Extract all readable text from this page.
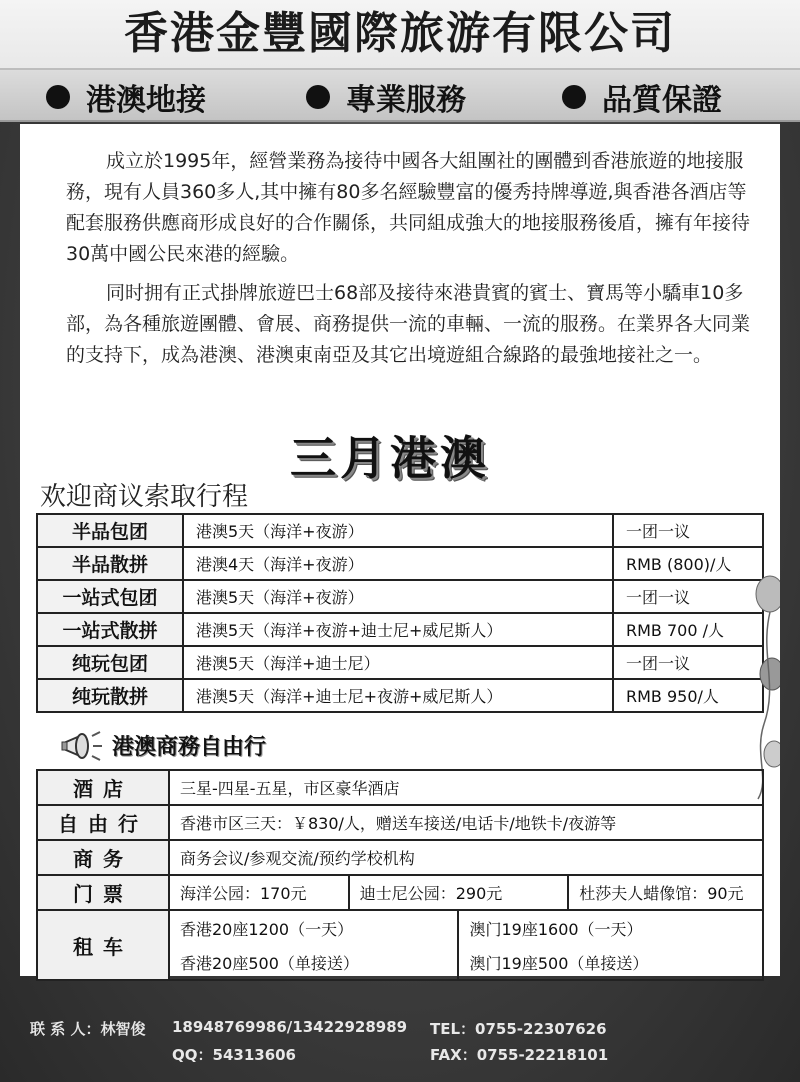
香港金豐國際旅游有限公司
港澳地接	專業服務	品質保證

成立於1995年，經營業務為接待中國各大組團社的團體到香港旅遊的地接服務，現有人員360多人,其中擁有80多名經驗豐富的優秀持牌導遊,與香港各酒店等配套服務供應商形成良好的合作關係，共同組成強大的地接服務後盾，擁有年接待30萬中國公民來港的經驗。

同时拥有正式掛牌旅遊巴士68部及接待來港貴賓的賓士、寶馬等小驕車10多部，為各種旅遊團體、會展、商務提供一流的車輛、一流的服務。在業界各大同業的支持下，成為港澳、港澳東南亞及其它出境遊組合線路的最強地接社之一。

三月港澳
欢迎商议索取行程
半品包团	港澳5天（海洋+夜游）	一团一议
半品散拼	港澳4天（海洋+夜游）	RMB (800)/人
一站式包团	港澳5天（海洋+夜游）	一团一议
一站式散拼	港澳5天（海洋+夜游+迪士尼+威尼斯人）	RMB 700 /人
纯玩包团	港澳5天（海洋+迪士尼）	一团一议
纯玩散拼	港澳5天（海洋+迪士尼+夜游+威尼斯人）	RMB 950/人
港澳商務自由行
酒店	三星-四星-五星，市区豪华酒店			
自由行	香港市区三天：￥830/人，赠送车接送/电话卡/地铁卡/夜游等			
商务	商务会议/参观交流/预约学校机构			
门票	海洋公园：170元	迪士尼公园：290元		杜莎夫人蜡像馆：90元
租车	香港20座1200（一天）		澳门19座1600（一天）	
	香港20座500（单接送）		澳门19座500（单接送）	
联 系 人：林智俊 18948769986/13422928989 TEL：0755-22307626
QQ：54313606	FAX：0755-22218101
